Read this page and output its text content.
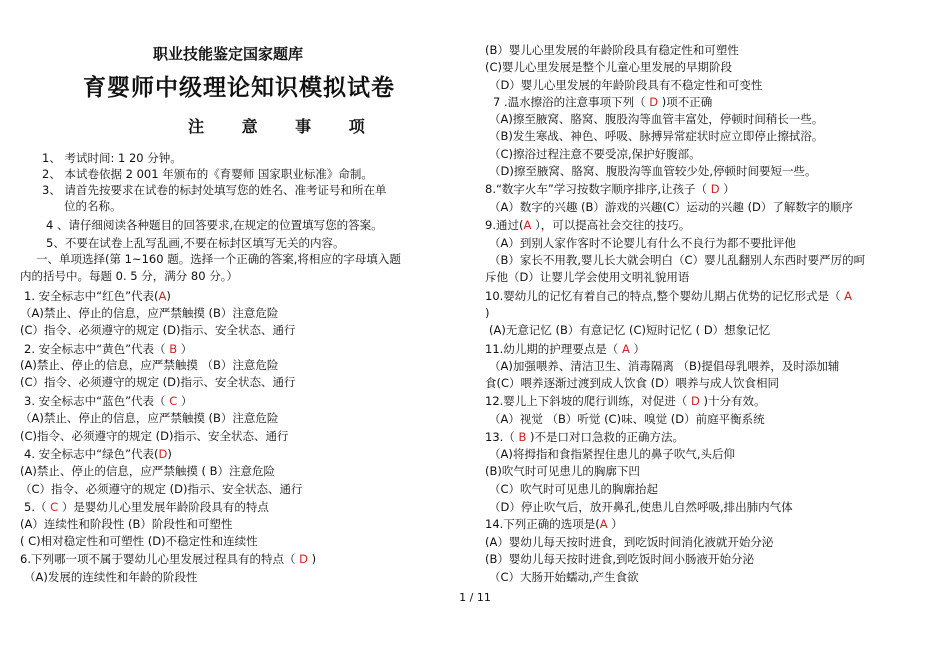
职业技能鉴定国家题库
育婴师中级理论知识模拟试卷
注 意 事 项
1、 考试时间: 1 20 分钟。
2、 本试卷依据 2 001 年颁布的《育婴师 国家职业标准》命制。
3、 请首先按要求在试卷的标封处填写您的姓名、准考证号和所在单
位的名称。
4 、请仔细阅读各种题目的回答要求,在规定的位置填写您的答案。
5、不要在试卷上乱写乱画,不要在标封区填写无关的内容。
一、单项选择(第 1~160 题。选择一个正确的答案,将相应的字母填入题
内的括号中。每题 0. 5 分，满分 80 分。）
1. 安全标志中“红色”代表(A)
（A)禁止、停止的信息，应严禁触摸 (B）注意危险
(C）指令、必须遵守的规定 (D)指示、安全状态、通行
2. 安全标志中“黄色”代表（ B ）
(A)禁止、停止的信息，应严禁触摸 （B）注意危险
(C）指令、必须遵守的规定 (D)指示、安全状态、通行
3. 安全标志中“蓝色”代表（ C ）
（A)禁止、停止的信息，应严禁触摸 (B）注意危险
(C)指令、必须遵守的规定 (D)指示、安全状态、通行
4. 安全标志中“绿色”代表(D)
(A)禁止、停止的信息，应严禁触摸 ( B）注意危险
（C）指令、必须遵守的规定 (D)指示、安全状态、通行
5.（ C ）是婴幼儿心里发展年龄阶段具有的特点
(A）连续性和阶段性 (B）阶段性和可塑性
( C)相对稳定性和可塑性 (D)不稳定性和连续性
6.下列哪一项不属于婴幼儿心里发展过程具有的特点（ D )
（A)发展的连续性和年龄的阶段性
(B）婴儿心里发展的年龄阶段具有稳定性和可塑性
(C)婴儿心里发展是整个儿童心里发展的早期阶段
（D）婴儿心里发展的年龄阶段具有不稳定性和可变性
7 .温水擦浴的注意事项下列（ D )项不正确
（A)擦至腋窝、胳窝、腹股沟等血管丰富处，停顿时间稍长一些。
（B)发生寒战、神色、呼吸、脉搏异常症状时应立即停止擦拭浴。
（C)擦浴过程注意不要受凉,保护好腹部。
（D)擦至腋窝、胳窝、腹股沟等血管较少处,停顿时间要短一些。
8.“数字火车”学习按数字顺序排序,让孩子（ D ）
（A）数字的兴趣 (B）游戏的兴趣(C）运动的兴趣 (D）了解数字的顺序
9.通过(A ），可以提高社会交往的技巧。
（A）到别人家作客时不论婴儿有什么不良行为都不要批评他
（B）家长不用教,婴儿长大就会明白（C）婴儿乱翻别人东西时要严厉的呵
斥他（D）让婴儿学会使用文明礼貌用语
10.婴幼儿的记忆有着自己的特点,整个婴幼儿期占优势的记忆形式是（ A
)
(A)无意记忆 (B）有意记忆 (C)短时记忆 ( D）想象记忆
11.幼儿期的护理要点是（ A ）
（A)加强喂养、清洁卫生、消毒隔离 （B)提倡母乳喂养，及时添加辅
食(C）喂养逐渐过渡到成人饮食 (D）喂养与成人饮食相同
12.婴儿上下斜坡的爬行训练，对促进（ D )十分有效。
（A）视觉 （B）听觉 (C)味、嗅觉 (D）前庭平衡系统
13.（ B )不是口对口急救的正确方法。
（A)将拇指和食指紧捏住患儿的鼻子吹气,头后仰
(B)吹气时可见患儿的胸廓下凹
（C）吹气时可见患儿的胸廓抬起
（D）停止吹气后，放开鼻孔,使患儿自然呼吸,排出肺内气体
14.下列正确的选项是(A ）
(A）婴幼儿每天按时进食，到吃饭时间消化液就开始分泌
(B）婴幼儿每天按时进食,到吃饭时间小肠液开始分泌
（C）大肠开始蠕动,产生食欲
1 / 11
